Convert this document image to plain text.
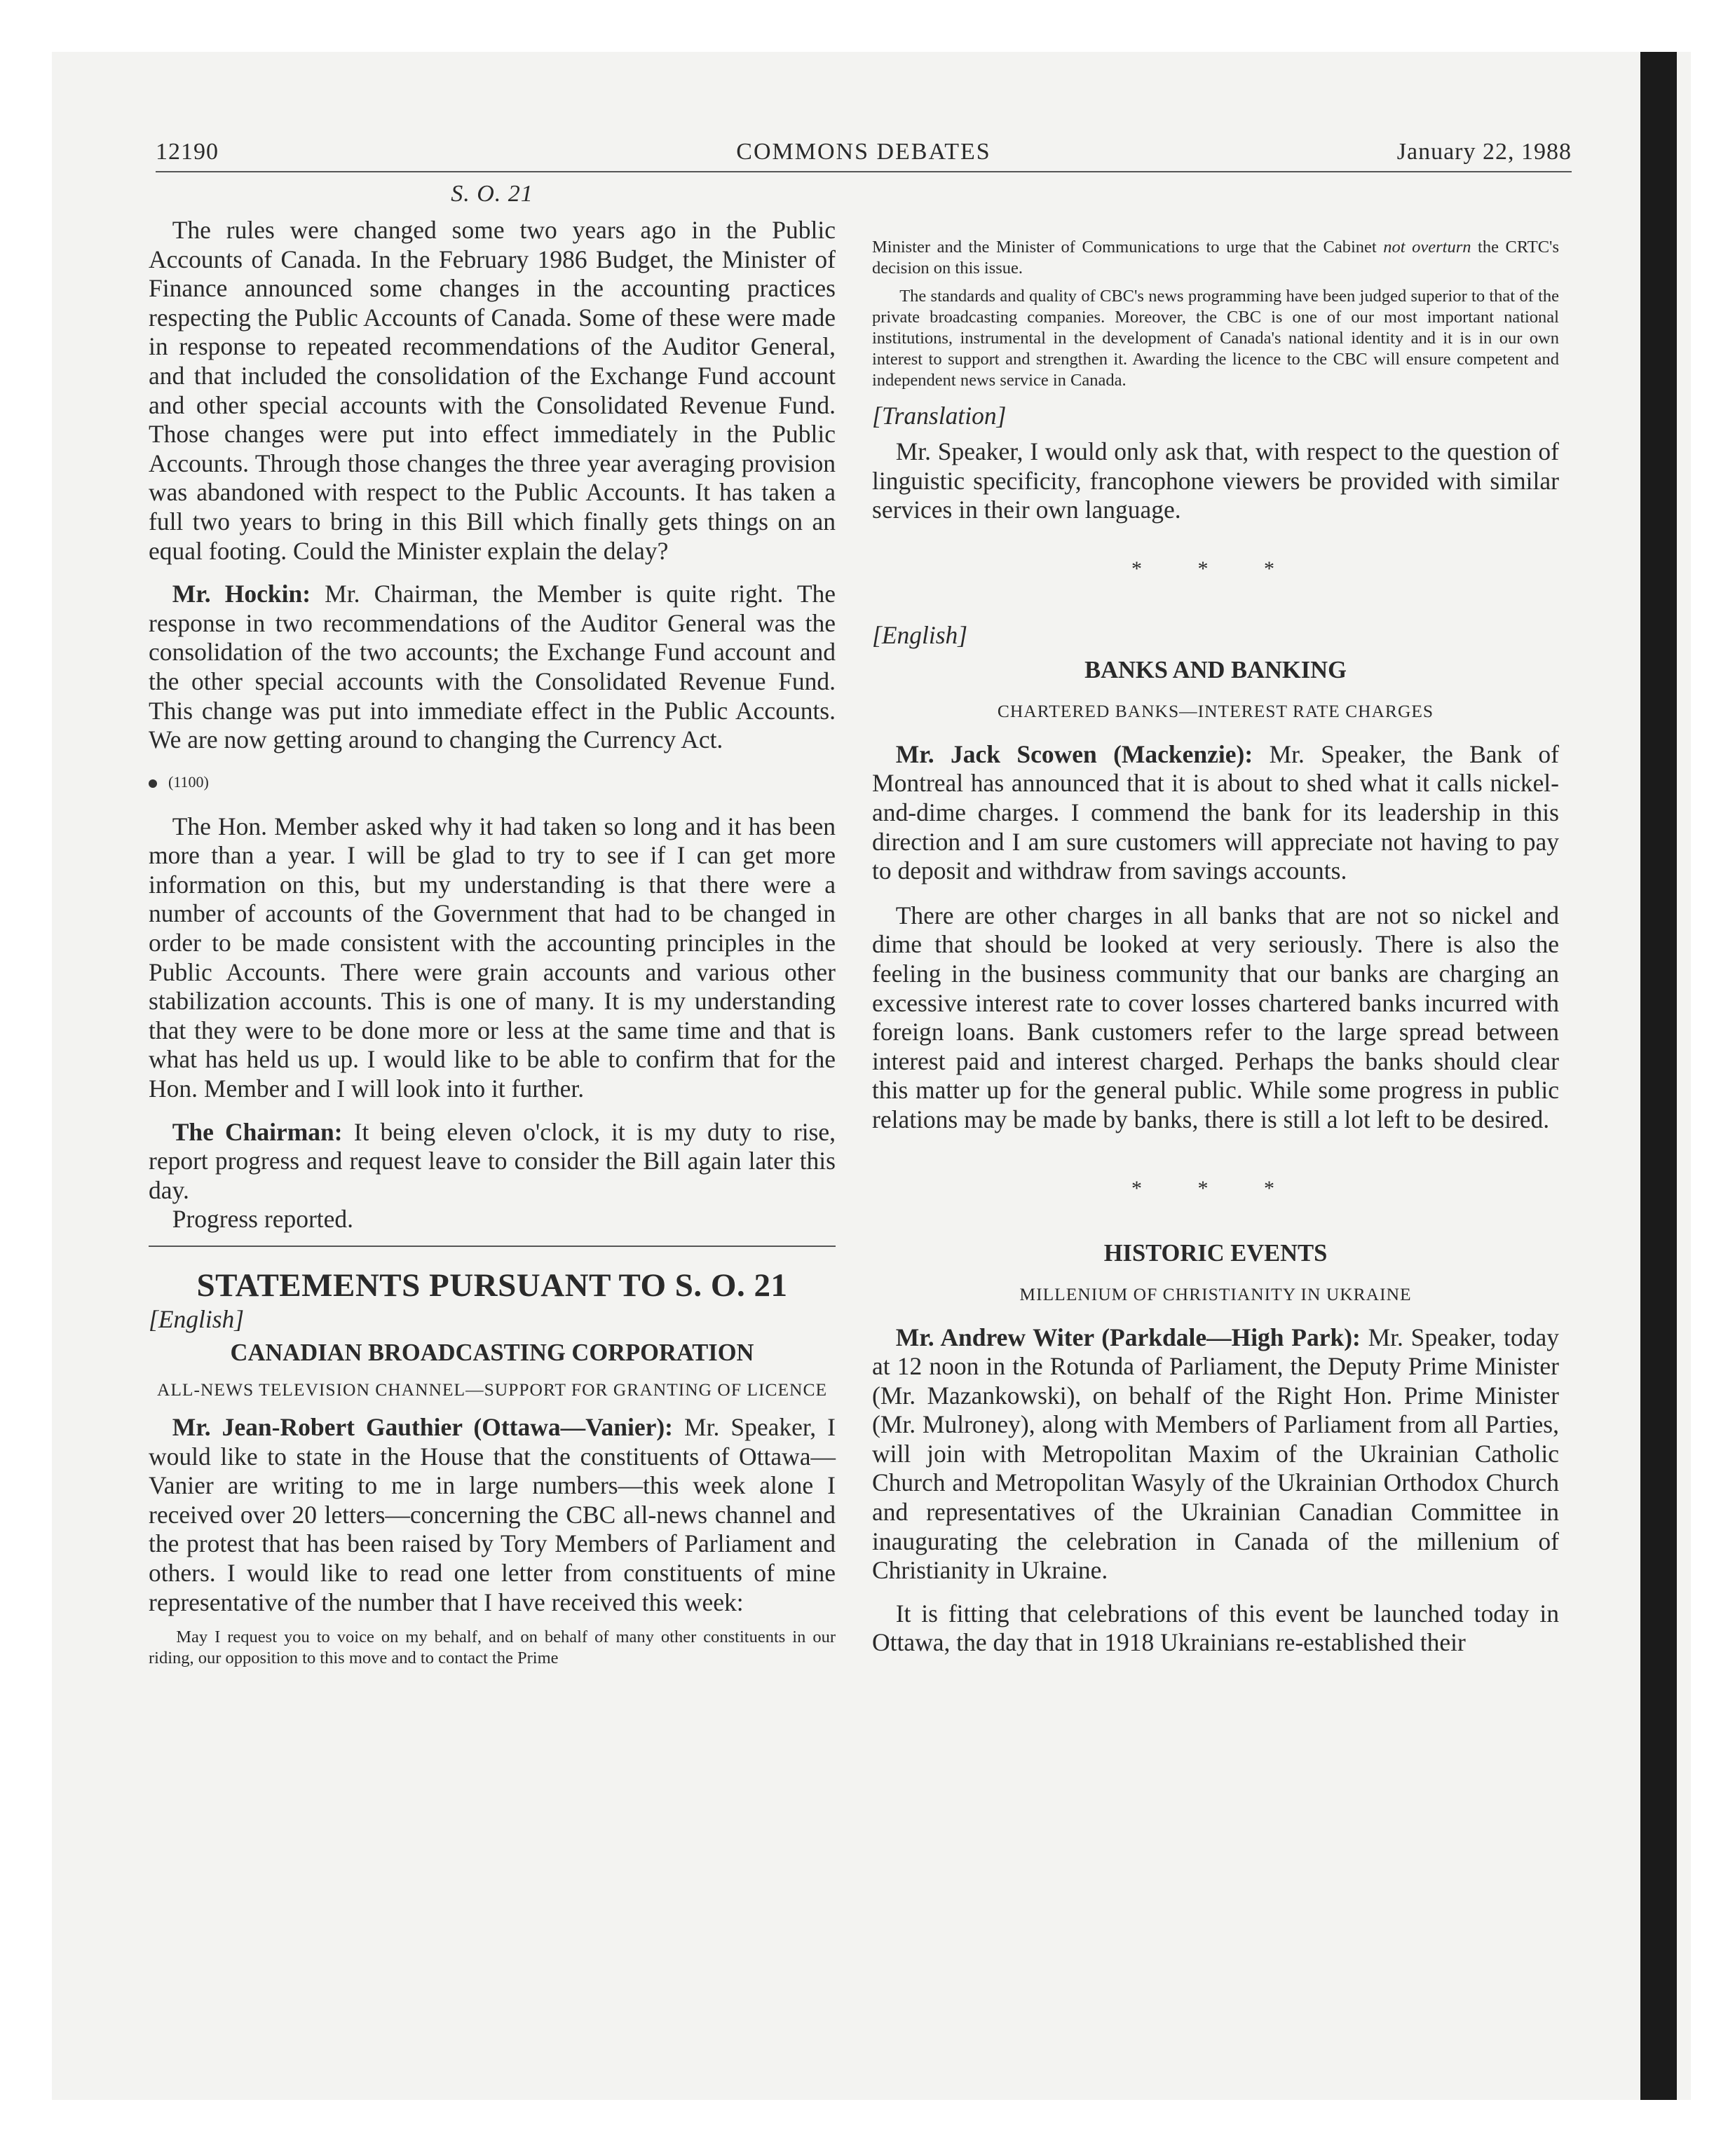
12190	COMMONS DEBATES	January 22, 1988
S. O. 21

The rules were changed some two years ago in the Public Accounts of Canada. In the February 1986 Budget, the Minister of Finance announced some changes in the accounting practices respecting the Public Accounts of Canada. Some of these were made in response to repeated recommendations of the Auditor General, and that included the consolidation of the Exchange Fund account and other special accounts with the Consolidated Revenue Fund. Those changes were put into effect immediately in the Public Accounts. Through those changes the three year averaging provision was abandoned with respect to the Public Accounts. It has taken a full two years to bring in this Bill which finally gets things on an equal footing. Could the Minister explain the delay?

Mr. Hockin: Mr. Chairman, the Member is quite right. The response in two recommendations of the Auditor General was the consolidation of the two accounts; the Exchange Fund account and the other special accounts with the Consolidated Revenue Fund. This change was put into immediate effect in the Public Accounts. We are now getting around to changing the Currency Act.

(1100)

The Hon. Member asked why it had taken so long and it has been more than a year. I will be glad to try to see if I can get more information on this, but my understanding is that there were a number of accounts of the Government that had to be changed in order to be made consistent with the accounting principles in the Public Accounts. There were grain accounts and various other stabilization accounts. This is one of many. It is my understanding that they were to be done more or less at the same time and that is what has held us up. I would like to be able to confirm that for the Hon. Member and I will look into it further.

The Chairman: It being eleven o'clock, it is my duty to rise, report progress and request leave to consider the Bill again later this day.

Progress reported.

STATEMENTS PURSUANT TO S. O. 21
[English]
CANADIAN BROADCASTING CORPORATION
ALL-NEWS TELEVISION CHANNEL—SUPPORT FOR GRANTING OF LICENCE

Mr. Jean-Robert Gauthier (Ottawa—Vanier): Mr. Speaker, I would like to state in the House that the constituents of Ottawa—Vanier are writing to me in large numbers—this week alone I received over 20 letters—concerning the CBC all-news channel and the protest that has been raised by Tory Members of Parliament and others. I would like to read one letter from constituents of mine representative of the number that I have received this week:

May I request you to voice on my behalf, and on behalf of many other constituents in our riding, our opposition to this move and to contact the Prime
Minister and the Minister of Communications to urge that the Cabinet not overturn the CRTC's decision on this issue.
The standards and quality of CBC's news programming have been judged superior to that of the private broadcasting companies. Moreover, the CBC is one of our most important national institutions, instrumental in the development of Canada's national identity and it is in our own interest to support and strengthen it. Awarding the licence to the CBC will ensure competent and independent news service in Canada.
[Translation]

Mr. Speaker, I would only ask that, with respect to the question of linguistic specificity, francophone viewers be provided with similar services in their own language.

* * *
[English]
BANKS AND BANKING
CHARTERED BANKS—INTEREST RATE CHARGES

Mr. Jack Scowen (Mackenzie): Mr. Speaker, the Bank of Montreal has announced that it is about to shed what it calls nickel-and-dime charges. I commend the bank for its leadership in this direction and I am sure customers will appreciate not having to pay to deposit and withdraw from savings accounts.

There are other charges in all banks that are not so nickel and dime that should be looked at very seriously. There is also the feeling in the business community that our banks are charging an excessive interest rate to cover losses chartered banks incurred with foreign loans. Bank customers refer to the large spread between interest paid and interest charged. Perhaps the banks should clear this matter up for the general public. While some progress in public relations may be made by banks, there is still a lot left to be desired.

* * *
HISTORIC EVENTS
MILLENIUM OF CHRISTIANITY IN UKRAINE

Mr. Andrew Witer (Parkdale—High Park): Mr. Speaker, today at 12 noon in the Rotunda of Parliament, the Deputy Prime Minister (Mr. Mazankowski), on behalf of the Right Hon. Prime Minister (Mr. Mulroney), along with Members of Parliament from all Parties, will join with Metropolitan Maxim of the Ukrainian Catholic Church and Metropolitan Wasyly of the Ukrainian Orthodox Church and representatives of the Ukrainian Canadian Committee in inaugurating the celebration in Canada of the millenium of Christianity in Ukraine.

It is fitting that celebrations of this event be launched today in Ottawa, the day that in 1918 Ukrainians re-established their
